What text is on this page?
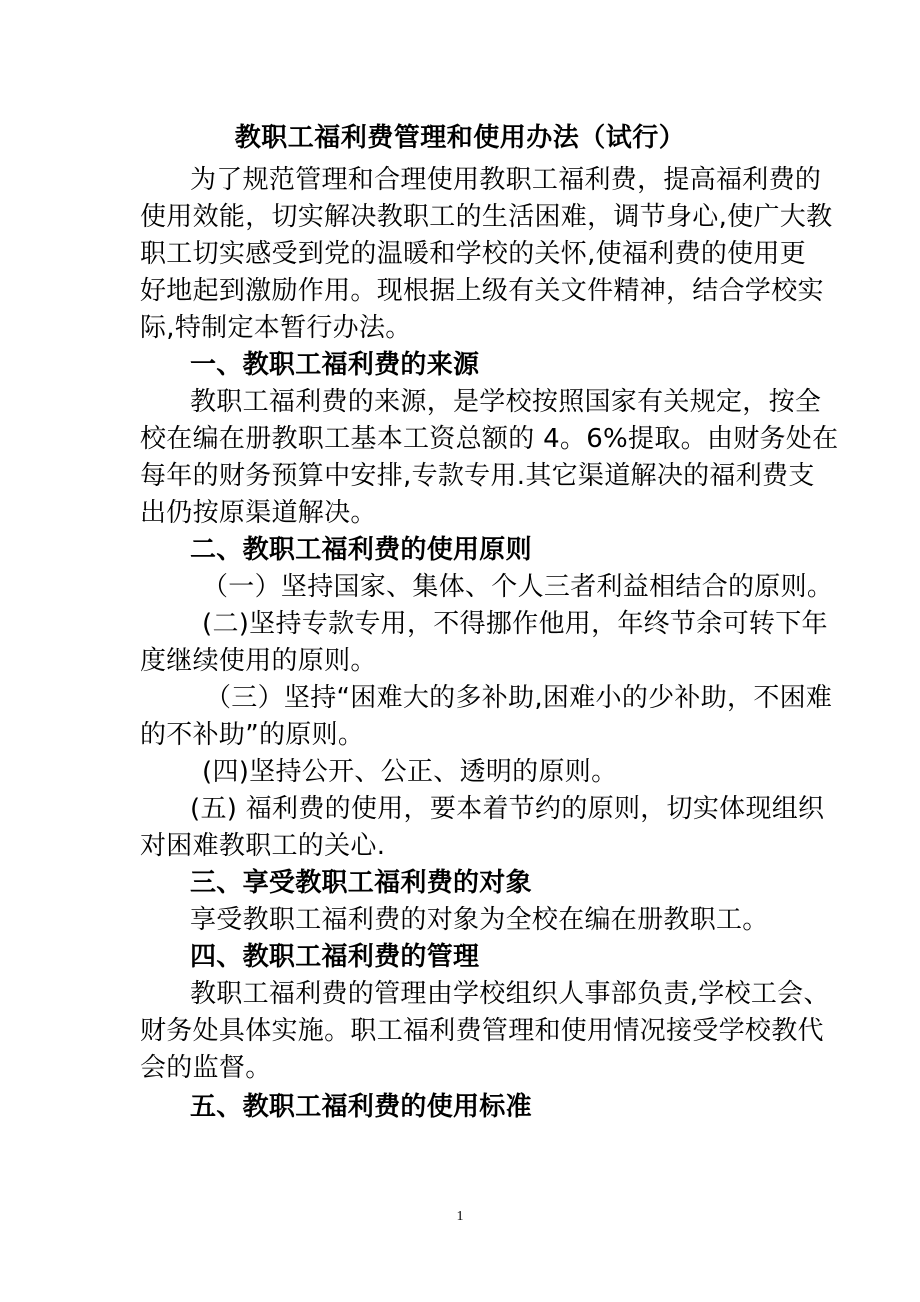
教职工福利费管理和使用办法（试行）
为了规范管理和合理使用教职工福利费，提高福利费的
使用效能，切实解决教职工的生活困难，调节身心,使广大教
职工切实感受到党的温暖和学校的关怀,使福利费的使用更
好地起到激励作用。现根据上级有关文件精神，结合学校实
际,特制定本暂行办法。
一、教职工福利费的来源
教职工福利费的来源，是学校按照国家有关规定，按全
校在编在册教职工基本工资总额的 4。6%提取。由财务处在
每年的财务预算中安排,专款专用.其它渠道解决的福利费支
出仍按原渠道解决。
二、教职工福利费的使用原则
（一）坚持国家、集体、个人三者利益相结合的原则。
(二)坚持专款专用，不得挪作他用，年终节余可转下年
度继续使用的原则。
（三）坚持“困难大的多补助,困难小的少补助，不困难
的不补助”的原则。
(四)坚持公开、公正、透明的原则。
(五) 福利费的使用，要本着节约的原则，切实体现组织
对困难教职工的关心.
三、享受教职工福利费的对象
享受教职工福利费的对象为全校在编在册教职工。
四、教职工福利费的管理
教职工福利费的管理由学校组织人事部负责,学校工会、
财务处具体实施。职工福利费管理和使用情况接受学校教代
会的监督。
五、教职工福利费的使用标准
1
